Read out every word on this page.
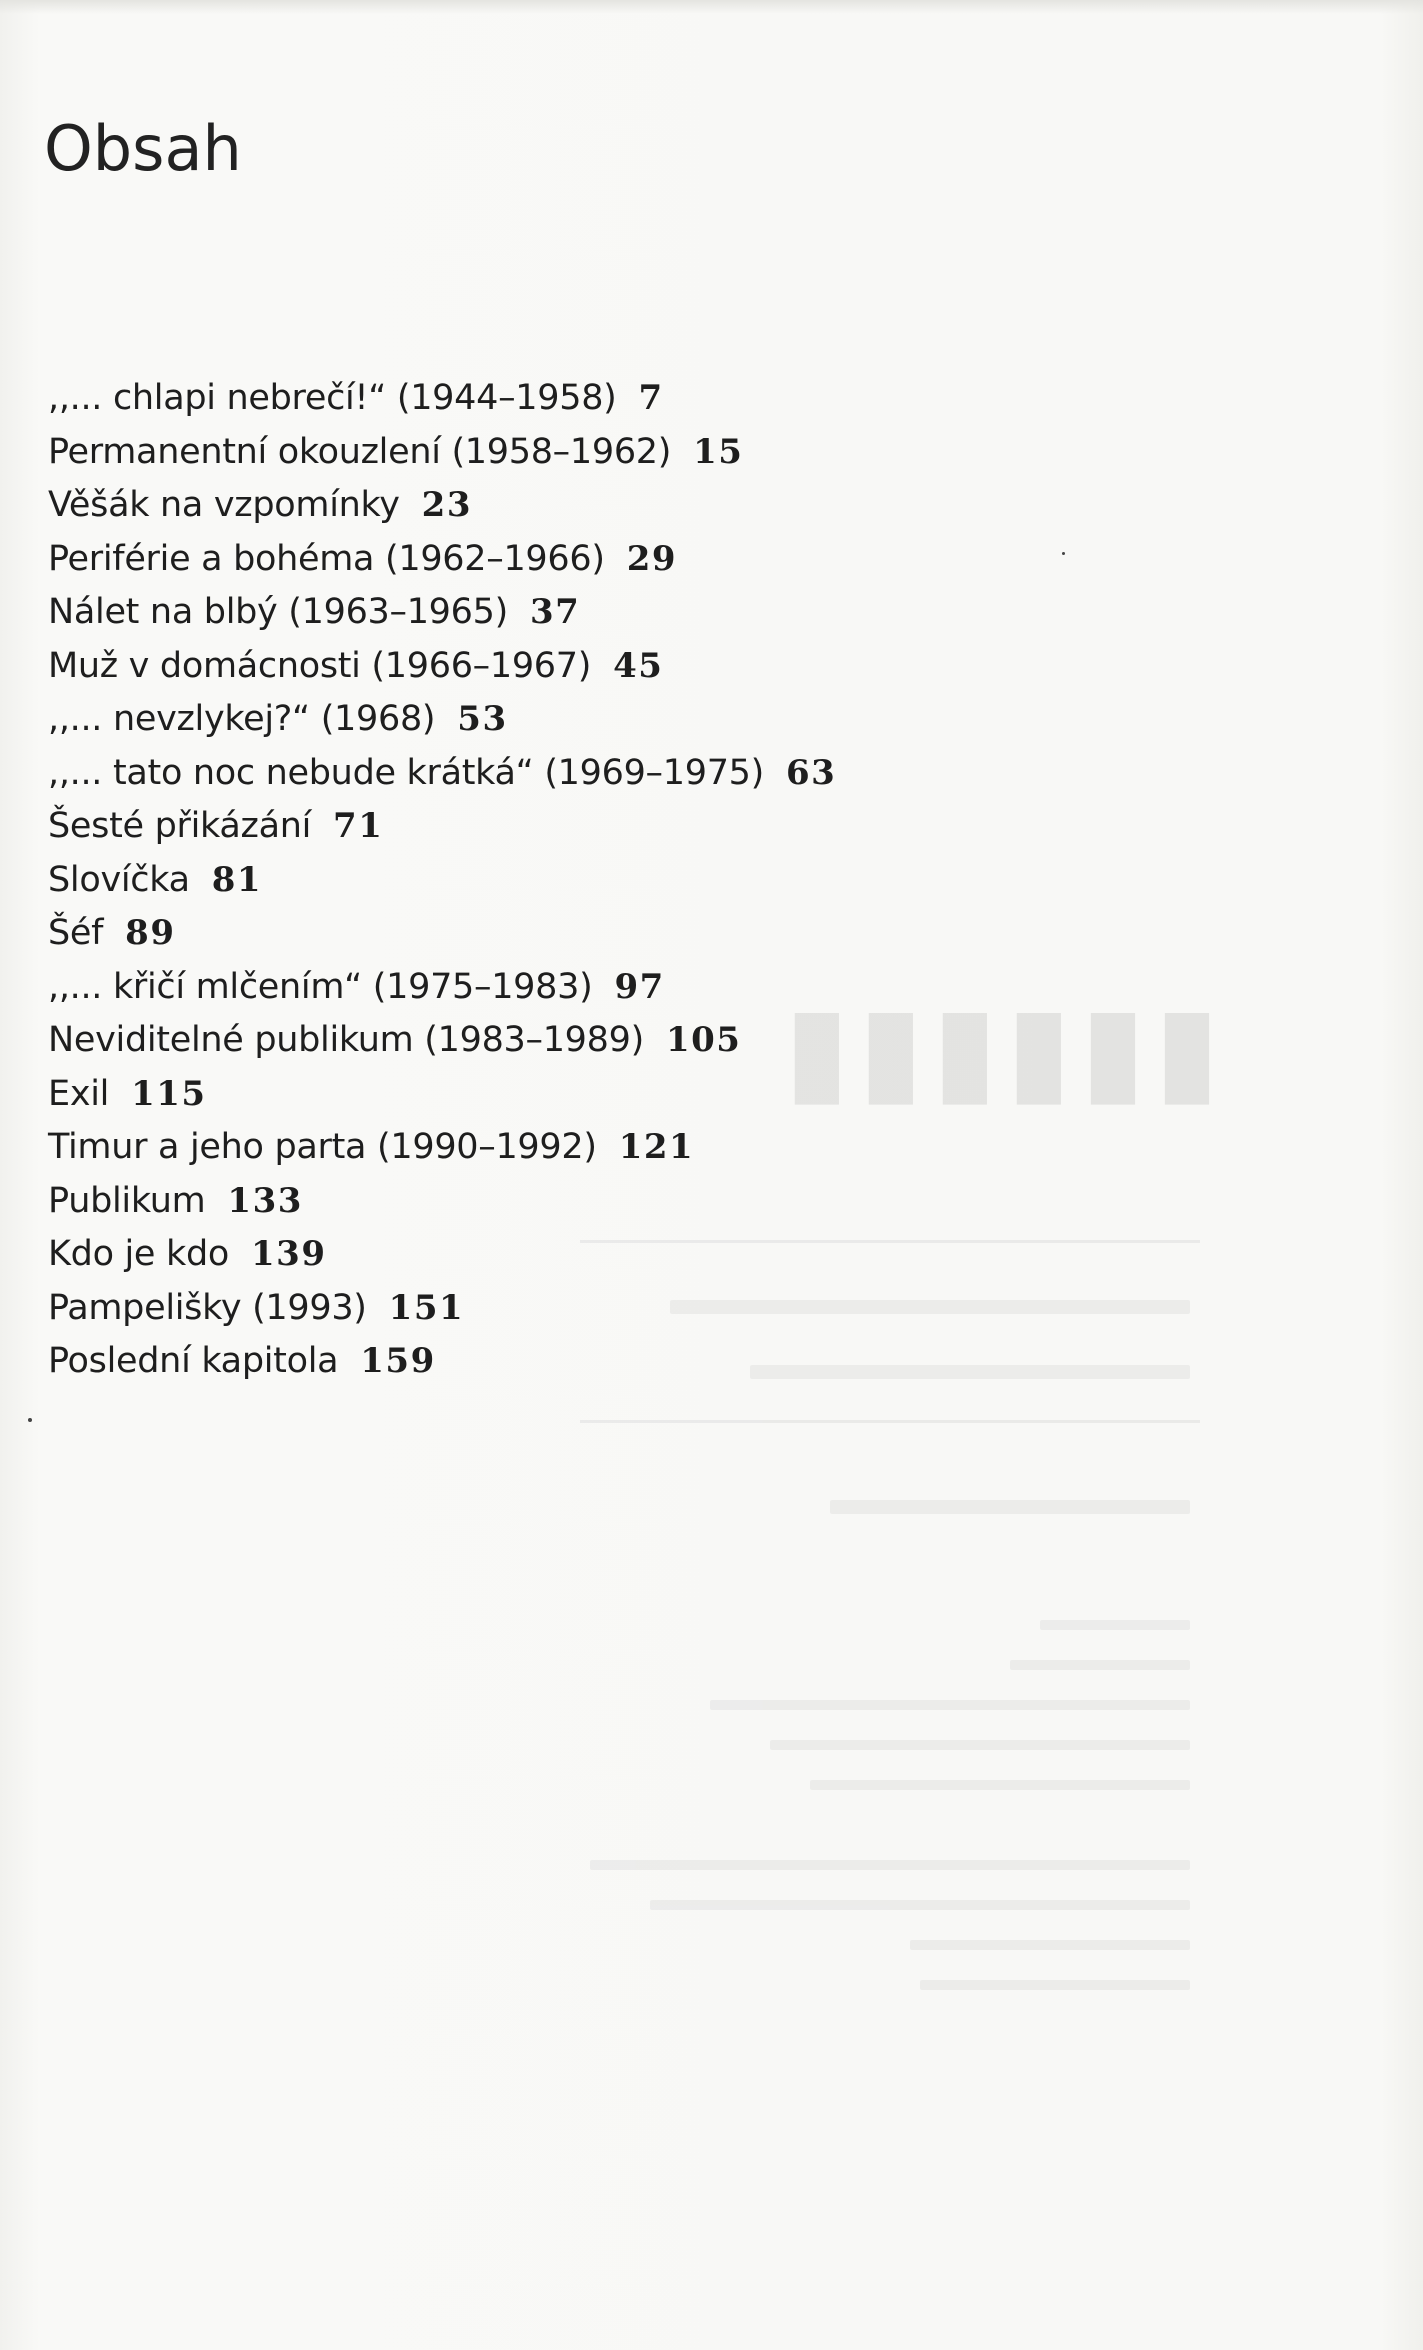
▮▮▮▮▮▮
Obsah
,,... chlapi nebrečí!“ (1944–1958) 7
Permanentní okouzlení (1958–1962) 15
Věšák na vzpomínky 23
Periférie a bohéma (1962–1966) 29
Nálet na blbý (1963–1965) 37
Muž v domácnosti (1966–1967) 45
,,... nevzlykej?“ (1968) 53
,,... tato noc nebude krátká“ (1969–1975) 63
Šesté přikázání 71
Slovíčka 81
Šéf 89
,,... křičí mlčením“ (1975–1983) 97
Neviditelné publikum (1983–1989) 105
Exil 115
Timur a jeho parta (1990–1992) 121
Publikum 133
Kdo je kdo 139
Pampelišky (1993) 151
Poslední kapitola 159
